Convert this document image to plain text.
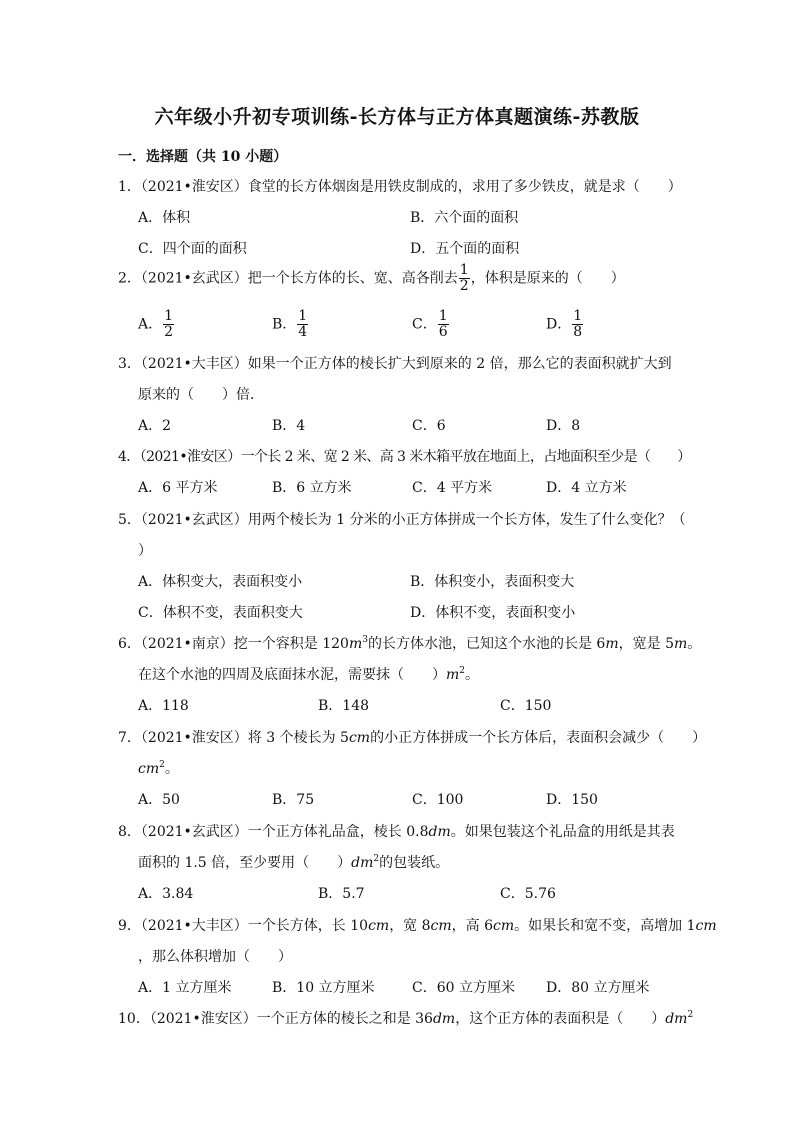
六年级小升初专项训练-长方体与正方体真题演练-苏教版
一．选择题（共 10 小题）
1．（2021•淮安区）食堂的长方体烟囱是用铁皮制成的，求用了多少铁皮，就是求（　　）
A．体积	B．六个面的面积
C．四个面的面积	D．五个面的面积
2．（2021•玄武区）把一个长方体的长、宽、高各削去 $\frac{1}{2}$ ，体积是原来的（　　）
A． $\frac{1}{2}$	B． $\frac{1}{4}$	C． $\frac{1}{6}$	D． $\frac{1}{8}$
3．（2021•大丰区）如果一个正方体的棱长扩大到原来的 2 倍，那么它的表面积就扩大到
原来的（　　）倍．
A．2	B．4	C．6	D．8
4．（2021•淮安区）一个长 2 米、宽 2 米、高 3 米木箱平放在地面上，占地面积至少是（　　）
A．6 平方米	B．6 立方米	C．4 平方米	D．4 立方米
5．（2021•玄武区）用两个棱长为 1 分米的小正方体拼成一个长方体，发生了什么变化？（
）
A．体积变大，表面积变小	B．体积变小，表面积变大
C．体积不变，表面积变大	D．体积不变，表面积变小
6．（2021•南京）挖一个容积是 $120m^3$的长方体水池，已知这个水池的长是 6m，宽是 5m。
在这个水池的四周及底面抹水泥，需要抹（　　）$m^2$。
A．118	B．148	C．150
7．（2021•淮安区）将 3 个棱长为 5cm的小正方体拼成一个长方体后，表面积会减少（　　）
$cm^2$。
A．50	B．75	C．100	D．150
8．（2021•玄武区）一个正方体礼品盒，棱长 0.8dm。如果包装这个礼品盒的用纸是其表
面积的 1.5 倍，至少要用（　　）$dm^2$的包装纸。
A．3.84	B．5.7	C．5.76
9．（2021•大丰区）一个长方体，长 10cm，宽 8cm，高 6cm。如果长和宽不变，高增加 1cm
，那么体积增加（　　）
A．1 立方厘米	B．10 立方厘米	C．60 立方厘米 D．80 立方厘米
10．（2021•淮安区）一个正方体的棱长之和是 36dm，这个正方体的表面积是（　　）$dm^2$
